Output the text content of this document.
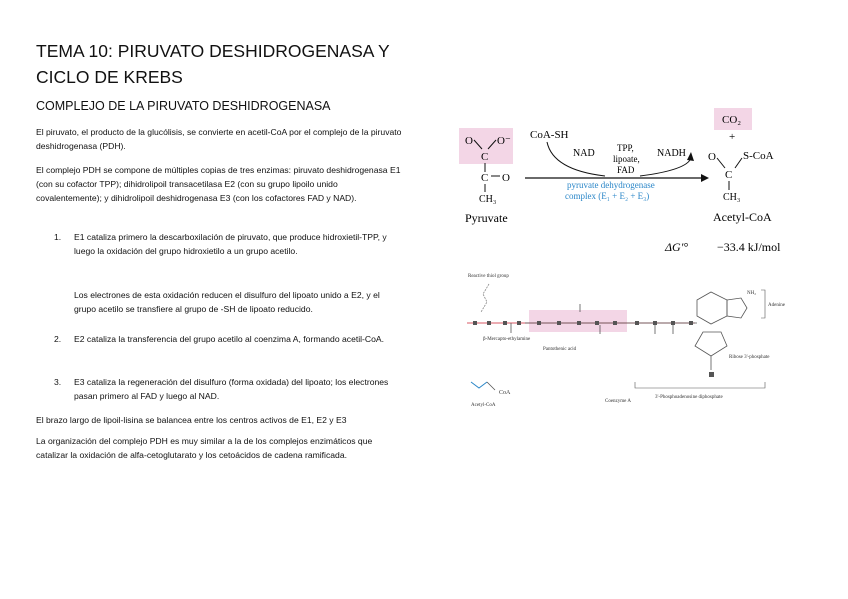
TEMA 10: PIRUVATO DESHIDROGENASA Y CICLO DE KREBS
COMPLEJO DE LA PIRUVATO DESHIDROGENASA

El piruvato, el producto de la glucólisis, se convierte en acetil-CoA por el complejo de la piruvato deshidrogenasa (PDH).

El complejo PDH se compone de múltiples copias de tres enzimas: piruvato deshidrogenasa E1 (con su cofactor TPP); dihidrolipoil transacetilasa E2 (con su grupo lipoilo unido covalentemente); y dihidrolipoil deshidrogenasa E3 (con los cofactores FAD y NAD).

1.	E1 cataliza primero la descarboxilación de piruvato, que produce hidroxietil-TPP, y luego la oxidación del grupo hidroxietilo a un grupo acetilo.
Los electrones de esta oxidación reducen el disulfuro del lipoato unido a E2, y el grupo acetilo se transfiere al grupo de -SH de lipoato reducido.
2.	E2 cataliza la transferencia del grupo acetilo al coenzima A, formando acetil-CoA.
3.	E3 cataliza la regeneración del disulfuro (forma oxidada) del lipoato; los electrones pasan primero al FAD y luego al NAD.

El brazo largo de lipoil-lisina se balancea entre los centros activos de E1, E2 y E3

La organización del complejo PDH es muy similar a la de los complejos enzimáticos que catalizar la oxidación de alfa-cetoglutarato y los cetoácidos de cadena ramificada.

O O⁻
C
C O
CH₃
Pyruvate
CoA-SH
NAD TPP,
lipoate,
FAD
NADH
pyruvate dehydrogenase
complex (E₁ + E₂ + E₃)
CO₂
+
O
C
S-CoA
CH₃
Acetyl-CoA
ΔG'° −33.4 kJ/mol
Reactive thiol group
β-Mercapto-ethylamine
Pantothenic acid
NH₂
Adenine
Ribose 3'-phosphate
3'-Phosphoadenosine diphosphate
Coenzyme A
CoA
Acetyl-CoA
